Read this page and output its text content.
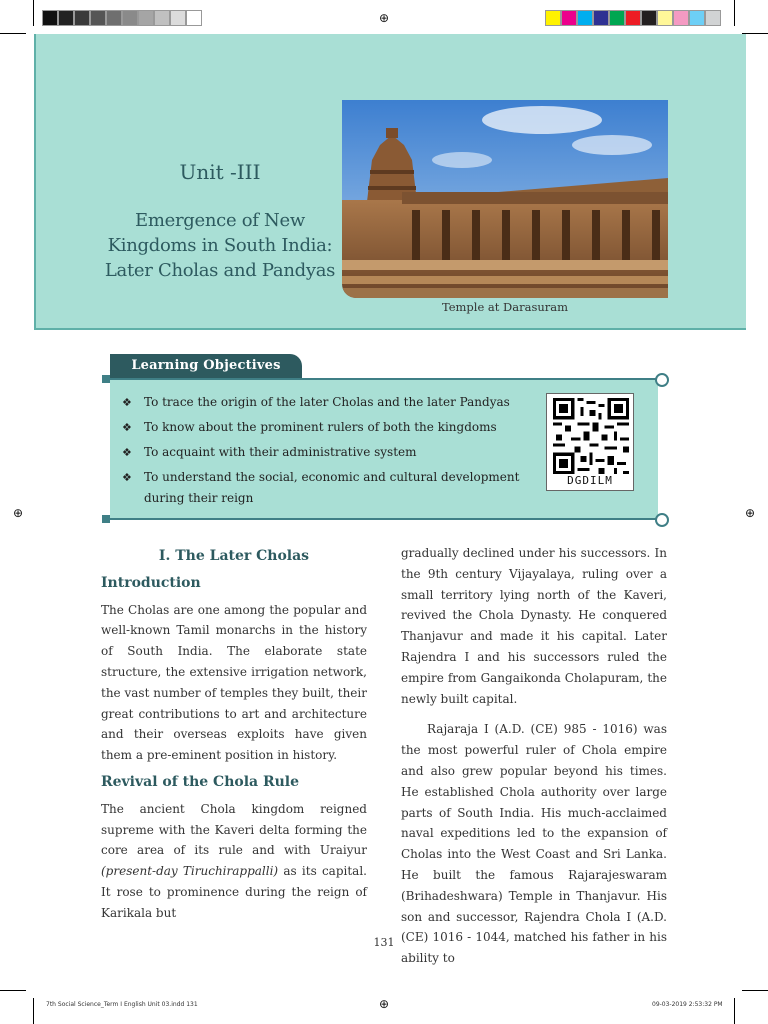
⊕
⊕	⊕
⊕
Unit -III
Emergence of New
Kingdoms in South India:
Later Cholas and Pandyas
Temple at Darasuram
Learning Objectives
❖ To trace the origin of the later Cholas and the later Pandyas
❖ To know about the prominent rulers of both the kingdoms
❖ To acquaint with their administrative system
❖ To understand the social, economic and cultural development during their reign
DGDILM
I. The Later Cholas
Introduction

The Cholas are one among the popular and well-known Tamil monarchs in the history of South India. The elaborate state structure, the extensive irrigation network, the vast number of temples they built, their great contributions to art and architecture and their overseas exploits have given them a pre-eminent position in history.

Revival of the Chola Rule

The ancient Chola kingdom reigned supreme with the Kaveri delta forming the core area of its rule and with Uraiyur (present-day Tiruchirappalli) as its capital. It rose to prominence during the reign of Karikala but

gradually declined under his successors. In the 9th century Vijayalaya, ruling over a small territory lying north of the Kaveri, revived the Chola Dynasty. He conquered Thanjavur and made it his capital. Later Rajendra I and his successors ruled the empire from Gangaikonda Cholapuram, the newly built capital.

Rajaraja I (A.D. (CE) 985 - 1016) was the most powerful ruler of Chola empire and also grew popular beyond his times. He established Chola authority over large parts of South India. His much-acclaimed naval expeditions led to the expansion of Cholas into the West Coast and Sri Lanka. He built the famous Rajarajeswaram (Brihadeshwara) Temple in Thanjavur. His son and successor, Rajendra Chola I (A.D. (CE) 1016 - 1044, matched his father in his ability to

131
7th Social Science_Term I English Unit 03.indd 131	09-03-2019 2:53:32 PM
